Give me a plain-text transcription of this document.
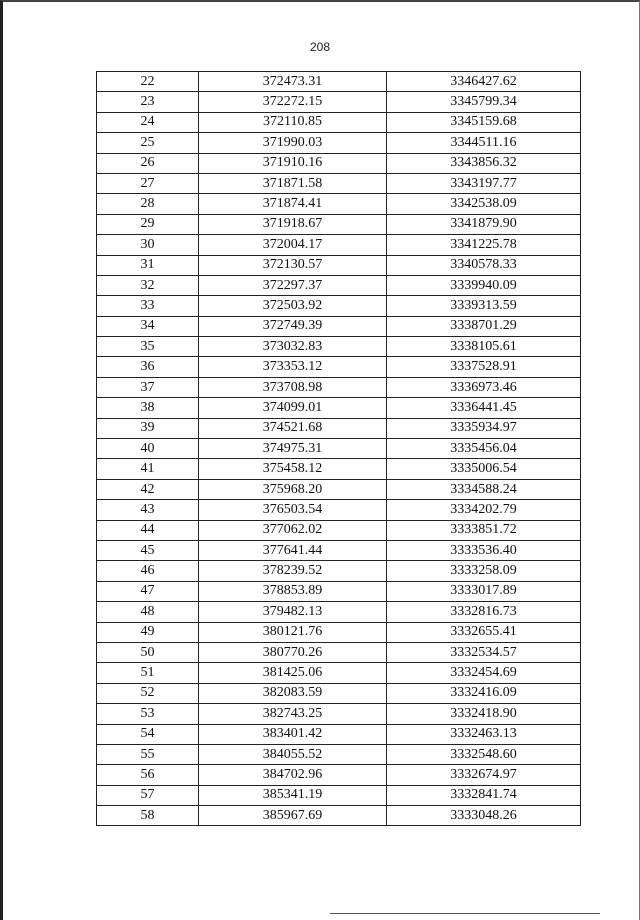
208
22	372473.31	3346427.62
23	372272.15	3345799.34
24	372110.85	3345159.68
25	371990.03	3344511.16
26	371910.16	3343856.32
27	371871.58	3343197.77
28	371874.41	3342538.09
29	371918.67	3341879.90
30	372004.17	3341225.78
31	372130.57	3340578.33
32	372297.37	3339940.09
33	372503.92	3339313.59
34	372749.39	3338701.29
35	373032.83	3338105.61
36	373353.12	3337528.91
37	373708.98	3336973.46
38	374099.01	3336441.45
39	374521.68	3335934.97
40	374975.31	3335456.04
41	375458.12	3335006.54
42	375968.20	3334588.24
43	376503.54	3334202.79
44	377062.02	3333851.72
45	377641.44	3333536.40
46	378239.52	3333258.09
47	378853.89	3333017.89
48	379482.13	3332816.73
49	380121.76	3332655.41
50	380770.26	3332534.57
51	381425.06	3332454.69
52	382083.59	3332416.09
53	382743.25	3332418.90
54	383401.42	3332463.13
55	384055.52	3332548.60
56	384702.96	3332674.97
57	385341.19	3332841.74
58	385967.69	3333048.26
